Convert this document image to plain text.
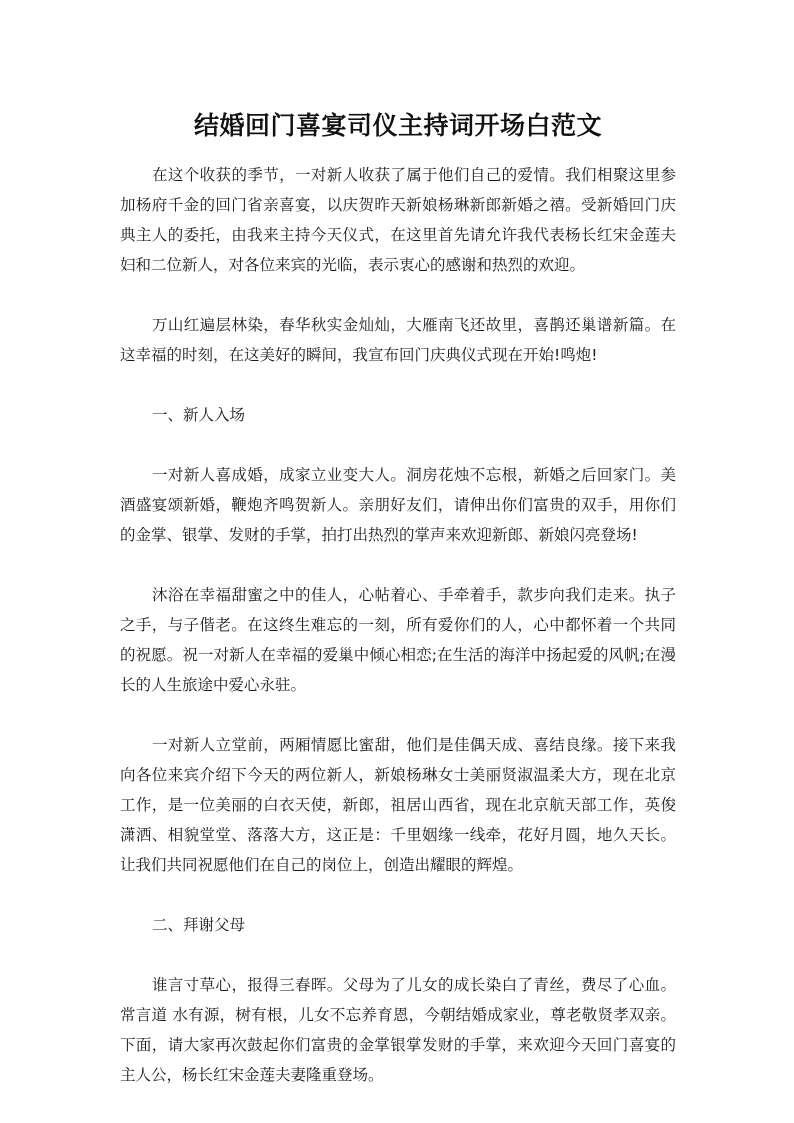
结婚回门喜宴司仪主持词开场白范文

在这个收获的季节，一对新人收获了属于他们自己的爱情。我们相聚这里参加杨府千金的回门省亲喜宴，以庆贺昨天新娘杨琳新郎新婚之禧。受新婚回门庆典主人的委托，由我来主持今天仪式，在这里首先请允许我代表杨长红宋金莲夫妇和二位新人，对各位来宾的光临，表示衷心的感谢和热烈的欢迎。

万山红遍层林染，春华秋实金灿灿，大雁南飞还故里，喜鹊还巢谱新篇。在这幸福的时刻，在这美好的瞬间，我宣布回门庆典仪式现在开始!鸣炮!

一、新人入场

一对新人喜成婚，成家立业变大人。洞房花烛不忘根，新婚之后回家门。美酒盛宴颂新婚，鞭炮齐鸣贺新人。亲朋好友们，请伸出你们富贵的双手，用你们的金掌、银掌、发财的手掌，拍打出热烈的掌声来欢迎新郎、新娘闪亮登场!

沐浴在幸福甜蜜之中的佳人，心帖着心、手牵着手，款步向我们走来。执子之手，与子偕老。在这终生难忘的一刻，所有爱你们的人，心中都怀着一个共同的祝愿。祝一对新人在幸福的爱巢中倾心相恋;在生活的海洋中扬起爱的风帆;在漫长的人生旅途中爱心永驻。

一对新人立堂前，两厢情愿比蜜甜，他们是佳偶天成、喜结良缘。接下来我向各位来宾介绍下今天的两位新人，新娘杨琳女士美丽贤淑温柔大方，现在北京工作，是一位美丽的白衣天使，新郎，祖居山西省，现在北京航天部工作，英俊潇洒、相貌堂堂、落落大方，这正是：千里姻缘一线牵，花好月圆，地久天长。让我们共同祝愿他们在自己的岗位上，创造出耀眼的辉煌。

二、拜谢父母

谁言寸草心，报得三春晖。父母为了儿女的成长染白了青丝，费尽了心血。常言道 水有源，树有根，儿女不忘养育恩，今朝结婚成家业，尊老敬贤孝双亲。下面，请大家再次鼓起你们富贵的金掌银掌发财的手掌，来欢迎今天回门喜宴的主人公，杨长红宋金莲夫妻隆重登场。
